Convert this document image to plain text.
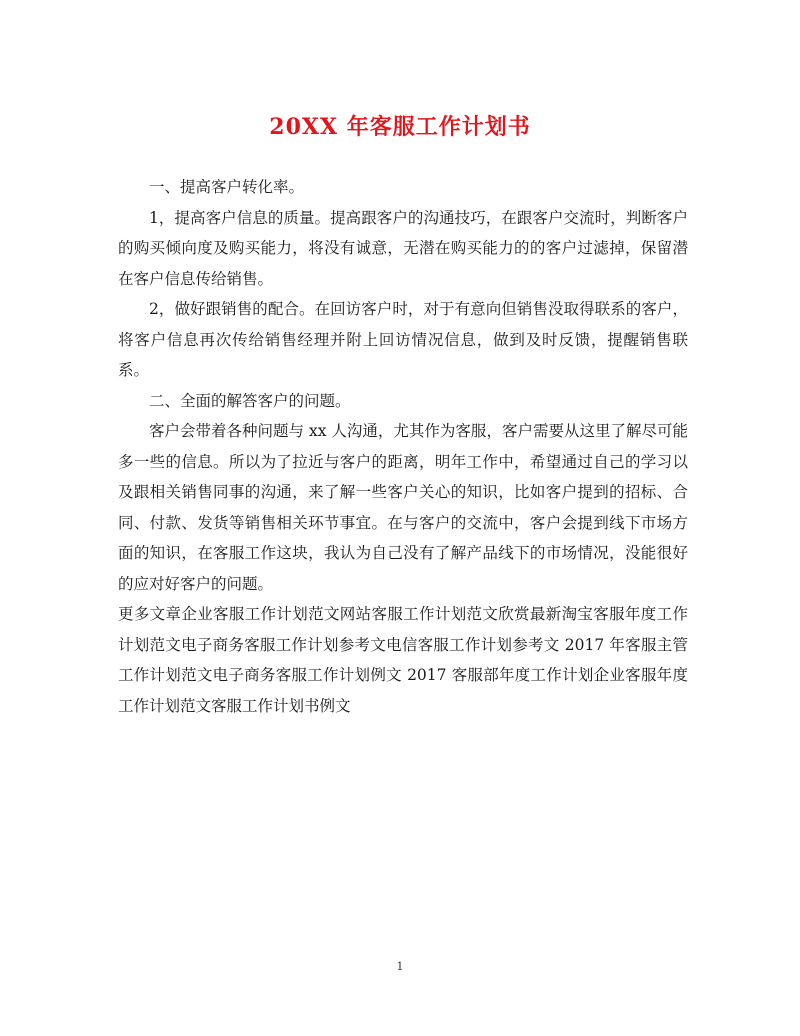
20XX 年客服工作计划书

一、提高客户转化率。

1，提高客户信息的质量。提高跟客户的沟通技巧，在跟客户交流时，判断客户的购买倾向度及购买能力，将没有诚意，无潜在购买能力的的客户过滤掉，保留潜在客户信息传给销售。

2，做好跟销售的配合。在回访客户时，对于有意向但销售没取得联系的客户，将客户信息再次传给销售经理并附上回访情况信息，做到及时反馈，提醒销售联系。

二、全面的解答客户的问题。

客户会带着各种问题与 xx 人沟通，尤其作为客服，客户需要从这里了解尽可能多一些的信息。所以为了拉近与客户的距离，明年工作中，希望通过自己的学习以及跟相关销售同事的沟通，来了解一些客户关心的知识，比如客户提到的招标、合同、付款、发货等销售相关环节事宜。在与客户的交流中，客户会提到线下市场方面的知识，在客服工作这块，我认为自己没有了解产品线下的市场情况，没能很好的应对好客户的问题。

更多文章企业客服工作计划范文网站客服工作计划范文欣赏最新淘宝客服年度工作计划范文电子商务客服工作计划参考文电信客服工作计划参考文 2017 年客服主管工作计划范文电子商务客服工作计划例文 2017 客服部年度工作计划企业客服年度工作计划范文客服工作计划书例文

1
